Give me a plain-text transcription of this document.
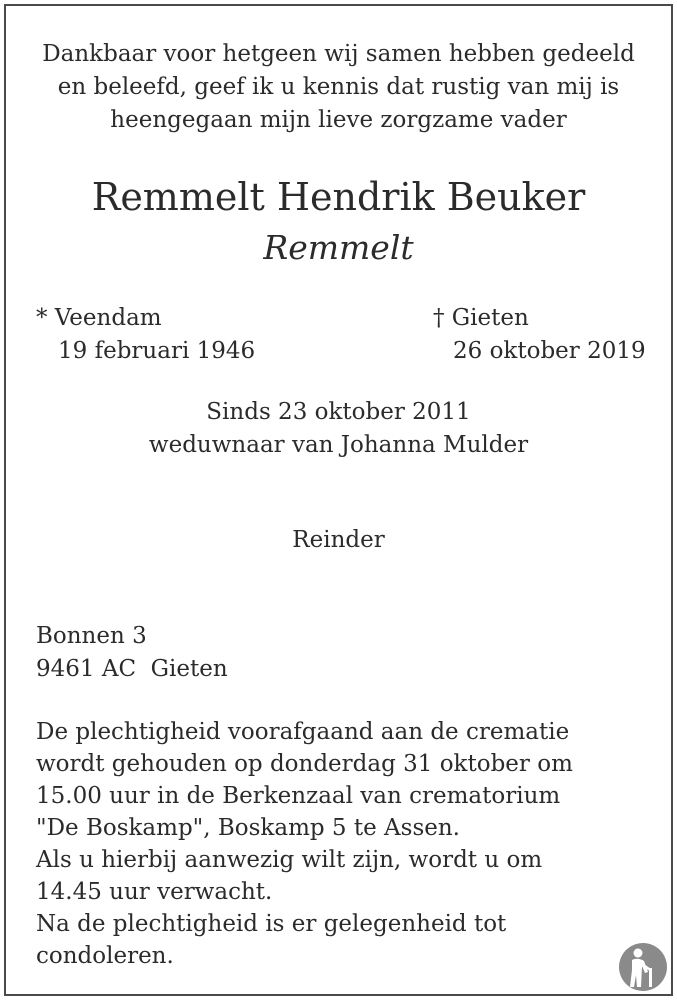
Dankbaar voor hetgeen wij samen hebben gedeeld
en beleefd, geef ik u kennis dat rustig van mij is
heengegaan mijn lieve zorgzame vader
Remmelt Hendrik Beuker
Remmelt
* Veendam
19 februari 1946
† Gieten
26 oktober 2019
Sinds 23 oktober 2011
weduwnaar van Johanna Mulder
Reinder
Bonnen 3
9461 AC  Gieten
De plechtigheid voorafgaand aan de crematie
wordt gehouden op donderdag 31 oktober om
15.00 uur in de Berkenzaal van crematorium
"De Boskamp", Boskamp 5 te Assen.
Als u hierbij aanwezig wilt zijn, wordt u om
14.45 uur verwacht.
Na de plechtigheid is er gelegenheid tot
condoleren.
